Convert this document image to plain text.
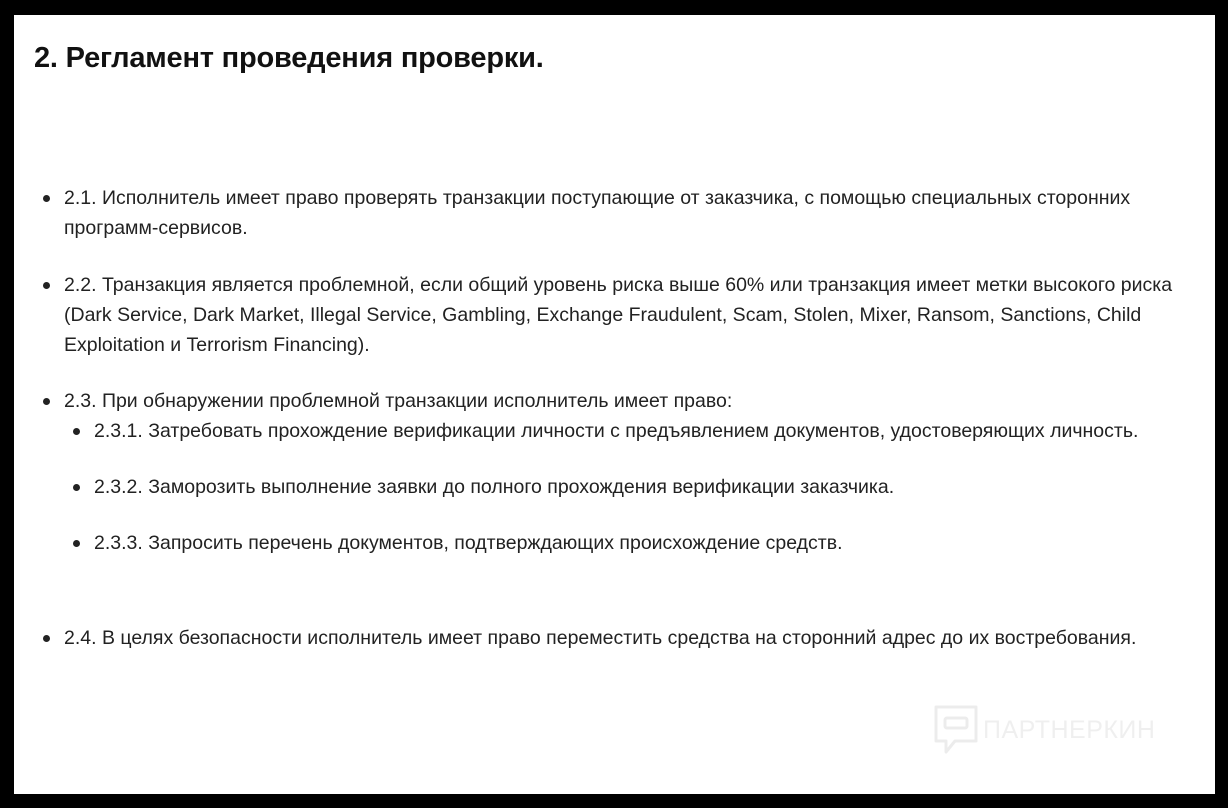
2. Регламент проведения проверки.
2.1. Исполнитель имеет право проверять транзакции поступающие от заказчика, с помощью специальных сторонних программ-сервисов.
2.2. Транзакция является проблемной, если общий уровень риска выше 60% или транзакция имеет метки высокого риска (Dark Service, Dark Market, Illegal Service, Gambling, Exchange Fraudulent, Scam, Stolen, Mixer, Ransom, Sanctions, Child Exploitation и Terrorism Financing).
2.3. При обнаружении проблемной транзакции исполнитель имеет право:
2.3.1. Затребовать прохождение верификации личности с предъявлением документов, удостоверяющих личность.
2.3.2. Заморозить выполнение заявки до полного прохождения верификации заказчика.
2.3.3. Запросить перечень документов, подтверждающих происхождение средств.
2.4. В целях безопасности исполнитель имеет право переместить средства на сторонний адрес до их востребования.
ПАРТНЕРКИН
